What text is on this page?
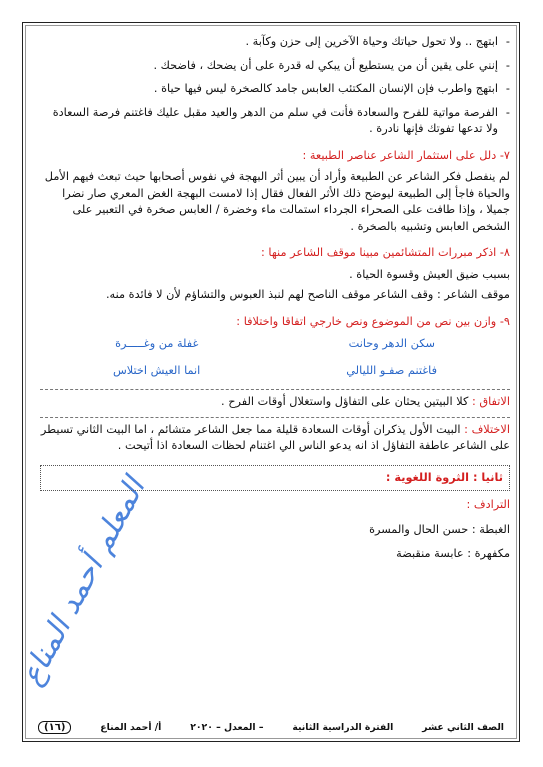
المعلم أحمد المناع
- ابتهج .. ولا تحول حياتك وحياة الآخرين إلى حزن وكآبة .
- إنني على يقين أن من يستطيع أن يبكي له قدرة على أن يضحك ، فاضحك .
- ابتهج واطرب فإن الإنسان المكتئب العابس جامد كالصخرة ليس فيها حياة .
- الفرصة مواتية للفرح والسعادة فأنت في سلم من الدهر والعيد مقبل عليك فاغتنم فرصة السعادة ولا تدعها تفوتك فإنها نادرة .
٧- دلل على استثمار الشاعر عناصر الطبيعة :

لم ينفصل فكر الشاعر عن الطبيعة وأراد أن يبين أثر البهجة في نفوس أصحابها حيث تبعث فيهم الأمل والحياة فاجأ إلى الطبيعة ليوضح ذلك الأثر الفعال فقال إذا لامست البهجة الغض المعري صار نضرا جميلا ، وإذا طافت على الصحراء الجرداء استمالت ماء وخضرة / العابس صخرة في التعبير على الشخص العابس وتشبيه بالصخرة .

٨- اذكر مبررات المتشائمين مبينا موقف الشاعر منها :

بسبب ضيق العيش وقسوة الحياة .

موقف الشاعر : وقف الشاعر موقف الناصح لهم لنبذ العبوس والتشاؤم لأن لا فائدة منه.

٩- وازن بين نص من الموضوع ونص خارجي اتفاقا واختلافا :
سكن الدهر وحانت
غفلة من وغـــــرة
فاغتنم صفـو الليالي
انما العيش اختلاس

الاتفاق : كلا البيتين يحثان على التفاؤل واستغلال أوقات الفرح .

الاختلاف : البيت الأول يذكران أوقات السعادة قليلة مما جعل الشاعر متشائم ، اما البيت الثاني تسيطر على الشاعر عاطفة التفاؤل اذ انه يدعو الناس الي اغتنام لحظات السعادة اذا أتيحت .

ثانيا : الثروة اللغوية :

الترادف :

الغبطة : حسن الحال والمسرة

مكفهرة : عابسة منقبضة

الصف الثاني عشر
الفترة الدراسية الثانية
– المعدل – ٢٠٢٠
أ/ أحمد المناع
(١٦)
